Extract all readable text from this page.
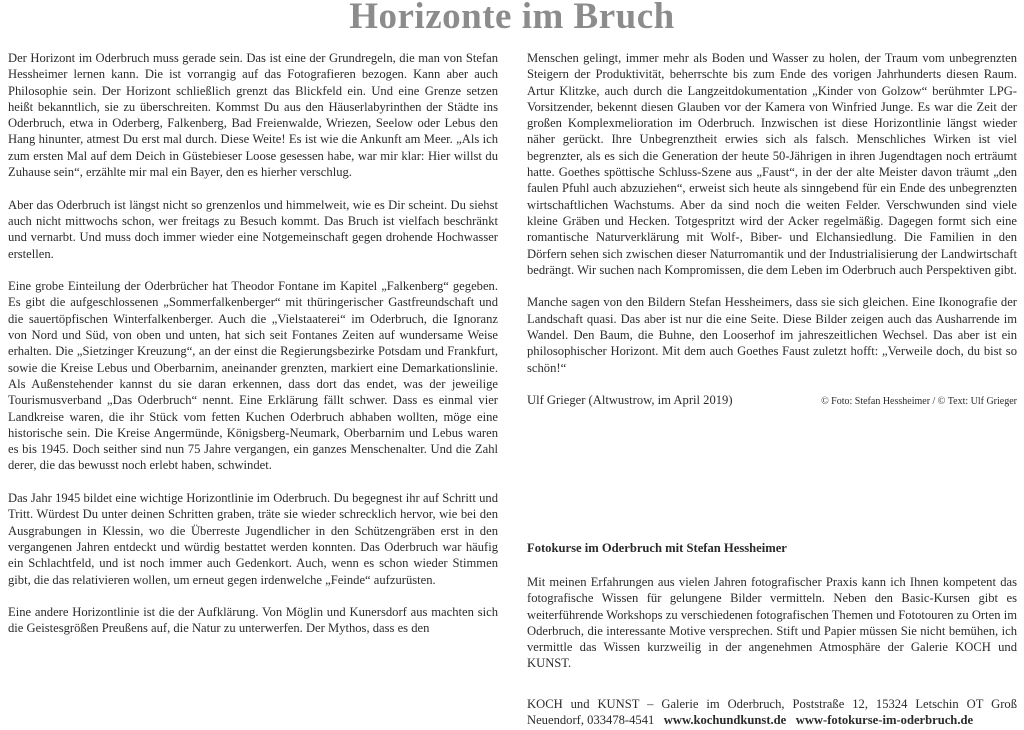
Horizonte im Bruch

Der Horizont im Oderbruch muss gerade sein. Das ist eine der Grundregeln, die man von Stefan Hessheimer lernen kann. Die ist vorrangig auf das Fotografieren bezogen. Kann aber auch Philosophie sein. Der Horizont schließlich grenzt das Blickfeld ein. Und eine Grenze setzen heißt bekanntlich, sie zu überschreiten. Kommst Du aus den Häuserlabyrinthen der Städte ins Oderbruch, etwa in Oderberg, Falkenberg, Bad Freienwalde, Wriezen, Seelow oder Lebus den Hang hinunter, atmest Du erst mal durch. Diese Weite! Es ist wie die Ankunft am Meer. „Als ich zum ersten Mal auf dem Deich in Güstebieser Loose gesessen habe, war mir klar: Hier willst du Zuhause sein“, erzählte mir mal ein Bayer, den es hierher verschlug.

Aber das Oderbruch ist längst nicht so grenzenlos und himmelweit, wie es Dir scheint. Du siehst auch nicht mittwochs schon, wer freitags zu Besuch kommt. Das Bruch ist vielfach beschränkt und vernarbt. Und muss doch immer wieder eine Notgemeinschaft gegen drohende Hochwasser erstellen.

Eine grobe Einteilung der Oderbrücher hat Theodor Fontane im Kapitel „Falkenberg“ gegeben. Es gibt die aufgeschlossenen „Sommerfalkenberger“ mit thüringerischer Gastfreundschaft und die sauertöpfischen Winterfalkenberger. Auch die „Vielstaaterei“ im Oderbruch, die Ignoranz von Nord und Süd, von oben und unten, hat sich seit Fontanes Zeiten auf wundersame Weise erhalten. Die „Sietzinger Kreuzung“, an der einst die Regierungsbezirke Potsdam und Frankfurt, sowie die Kreise Lebus und Oberbarnim, aneinander grenzten, markiert eine Demarkationslinie. Als Außenstehender kannst du sie daran erkennen, dass dort das endet, was der jeweilige Tourismusverband „Das Oderbruch“ nennt. Eine Erklärung fällt schwer. Dass es einmal vier Landkreise waren, die ihr Stück vom fetten Kuchen Oderbruch abhaben wollten, möge eine historische sein. Die Kreise Angermünde, Königsberg-Neumark, Oberbarnim und Lebus waren es bis 1945. Doch seither sind nun 75 Jahre vergangen, ein ganzes Menschenalter. Und die Zahl derer, die das bewusst noch erlebt haben, schwindet.

Das Jahr 1945 bildet eine wichtige Horizontlinie im Oderbruch. Du begegnest ihr auf Schritt und Tritt. Würdest Du unter deinen Schritten graben, träte sie wieder schrecklich hervor, wie bei den Ausgrabungen in Klessin, wo die Überreste Jugendlicher in den Schützengräben erst in den vergangenen Jahren entdeckt und würdig bestattet werden konnten. Das Oderbruch war häufig ein Schlachtfeld, und ist noch immer auch Gedenkort. Auch, wenn es schon wieder Stimmen gibt, die das relativieren wollen, um erneut gegen irdenwelche „Feinde“ aufzurüsten.

Eine andere Horizontlinie ist die der Aufklärung. Von Möglin und Kunersdorf aus machten sich die Geistesgrößen Preußens auf, die Natur zu unterwerfen. Der Mythos, dass es den

Menschen gelingt, immer mehr als Boden und Wasser zu holen, der Traum vom unbegrenzten Steigern der Produktivität, beherrschte bis zum Ende des vorigen Jahrhunderts diesen Raum. Artur Klitzke, auch durch die Langzeitdokumentation „Kinder von Golzow“ berühmter LPG-Vorsitzender, bekennt diesen Glauben vor der Kamera von Winfried Junge. Es war die Zeit der großen Komplexmelioration im Oderbruch. Inzwischen ist diese Horizontlinie längst wieder näher gerückt. Ihre Unbegrenztheit erwies sich als falsch. Menschliches Wirken ist viel begrenzter, als es sich die Generation der heute 50-Jährigen in ihren Jugendtagen noch erträumt hatte. Goethes spöttische Schluss-Szene aus „Faust“, in der der alte Meister davon träumt „den faulen Pfuhl auch abzuziehen“, erweist sich heute als sinngebend für ein Ende des unbegrenzten wirtschaftlichen Wachstums. Aber da sind noch die weiten Felder. Verschwunden sind viele kleine Gräben und Hecken. Totgespritzt wird der Acker regelmäßig. Dagegen formt sich eine romantische Naturverklärung mit Wolf-, Biber- und Elchansiedlung. Die Familien in den Dörfern sehen sich zwischen dieser Naturromantik und der Industrialisierung der Landwirtschaft bedrängt. Wir suchen nach Kompromissen, die dem Leben im Oderbruch auch Perspektiven gibt.

Manche sagen von den Bildern Stefan Hessheimers, dass sie sich gleichen. Eine Ikonografie der Landschaft quasi. Das aber ist nur die eine Seite. Diese Bilder zeigen auch das Ausharrende im Wandel. Den Baum, die Buhne, den Looserhof im jahreszeitlichen Wechsel. Das aber ist ein philosophischer Horizont. Mit dem auch Goethes Faust zuletzt hofft: „Verweile doch, du bist so schön!“

Ulf Grieger (Altwustrow, im April 2019)	© Foto: Stefan Hessheimer / © Text: Ulf Grieger
Fotokurse im Oderbruch mit Stefan Hessheimer

Mit meinen Erfahrungen aus vielen Jahren fotografischer Praxis kann ich Ihnen kompetent das fotografische Wissen für gelungene Bilder vermitteln. Neben den Basic-Kursen gibt es weiterführende Workshops zu verschiedenen fotografischen Themen und Fototouren zu Orten im Oderbruch, die interessante Motive versprechen. Stift und Papier müssen Sie nicht bemühen, ich vermittle das Wissen kurzweilig in der angenehmen Atmosphäre der Galerie KOCH und KUNST.

KOCH und KUNST – Galerie im Oderbruch, Poststraße 12, 15324 Letschin OT Groß Neuendorf, 033478-4541 www.kochundkunst.de www-fotokurse-im-oderbruch.de
